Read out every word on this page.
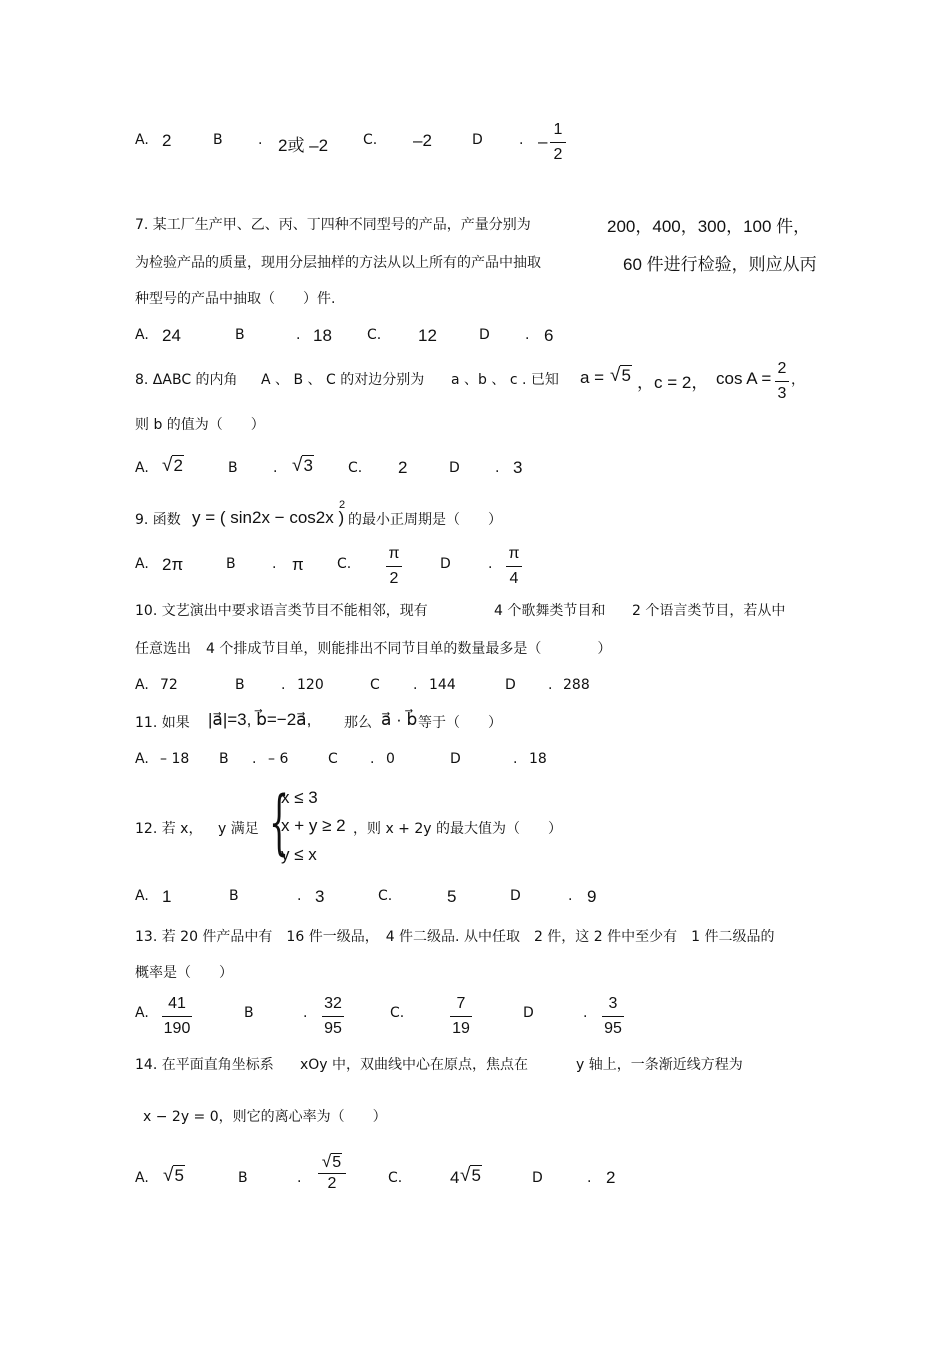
A. 2	B	. 2或 –2 C. –2	D	. –
1
2
7. 某工厂生产甲、乙、丙、丁四种不同型号的产品，产量分别为	200，400，300，100 件，
为检验产品的质量，现用分层抽样的方法从以上所有的产品中抽取	60 件进行检验，则应从丙
种型号的产品中抽取（　　）件.
A. 24	B	. 18	C. 12	D	. 6
8. ΔABC 的内角 A 、 B 、 C 的对边分别为 a 、b 、 c . 已知 a = √5 ，c = 2， cos A =
2
3
，
则 b 的值为（　　）
A. √2	B	. √3	C. 2	D	. 3
9. 函数 y = ( sin2x − cos2x )
2
的最小正周期是（　　）
A. 2π	B	. π C.
π
2
D	.
π
4
10. 文艺演出中要求语言类节目不能相邻，现有	4 个歌舞类节目和 2 个语言类节目，若从中
任意选出 4 个排成节目单，则能排出不同节目单的数量最多是（　　　　）
A. 72	B	. 120	C . 144	D . 288
11. 如果 |a⃗|=3, b⃗=−2a⃗, 那么 a⃗ · b⃗ 等于（　　）
A. – 18 B . – 6	C . 0	D	. 18
12. 若 x， y 满足 {
x ≤ 3
x + y ≥ 2
y ≤ x
，则 x + 2y 的最大值为（　　）
A. 1	B	. 3	C.	5	D	. 9
13. 若 20 件产品中有　16 件一级品，　4 件二级品. 从中任取　2 件，这 2 件中至少有　1 件二级品的
概率是（　　）
A.
41
190
B	.
32
95
C.
7
19
D	.
3
95
14. 在平面直角坐标系 xOy 中，双曲线中心在原点，焦点在	y 轴上，一条渐近线方程为
x − 2y = 0，则它的离心率为（　　）
A. √5	B	.
√5
2	C.	4 √5	D	. 2
